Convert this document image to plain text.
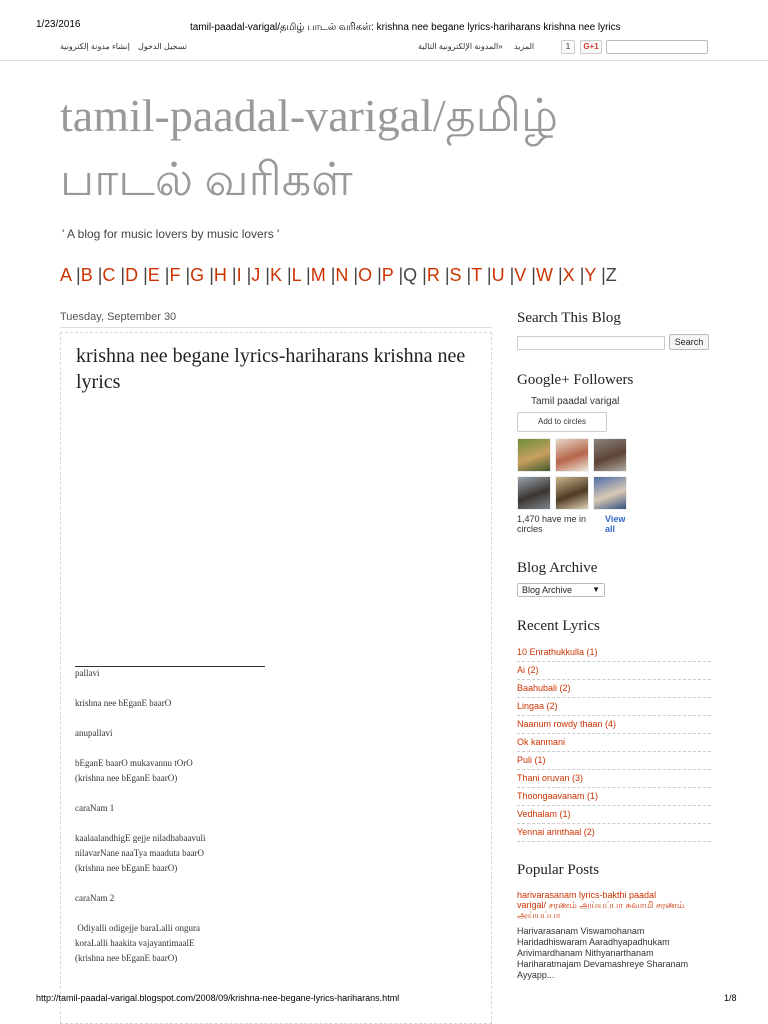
1/23/2016	tamil-paadal-varigal/தமிழ் பாடல் வரிகள்: krishna nee begane lyrics-hariharans krishna nee lyrics
تسجيل الدخول إنشاء مدونة إلكترونية	المدونة الإلكترونية التالية» المزيد	1	G+1
tamil-paadal-varigal/தமிழ் பாடல் வரிகள்
' A blog for music lovers by music lovers '
A |B |C |D |E |F |G |H |I |J |K |L |M |N |O |P |Q |R |S |T |U |V |W |X |Y |Z
Tuesday, September 30
krishna nee begane lyrics-hariharans krishna nee lyrics
pallavi
krishna nee bEganE baarO
anupallavi
bEganE baarO mukavannu tOrO
(krishna nee bEganE baarO)
caraNam 1
kaalaalandhigE gejje niladhabaavuli
nilavarNane naaTya maaduta baarO
(krishna nee bEganE baarO)
caraNam 2
Odiyalli odigejje baraLalli ongura
koraLalli haakita vajayantimaalE
(krishna nee bEganE baarO)
Search This Blog
Search
Google+ Followers
Tamil paadal varigal
Add to circles
1,470 have me in circles
View all
Blog Archive
Blog Archive	▼
Recent Lyrics
10 Enrathukkulla (1)
Ai (2)
Baahubali (2)
Lingaa (2)
Naanum rowdy thaan (4)
Ok kanmani
Puli (1)
Thani oruvan (3)
Thoongaavanam (1)
Vedhalam (1)
Yennai arinthaal (2)
Popular Posts
harivarasanam lyrics-bakthi paadal varigal/ சரணம் அய்யப்பா சுவாமி சரணம் அய்யப்பா
Harivarasanam Viswamohanam Haridadhiswaram Aaradhyapadhukam Arivimardhanam Nithyanarthanam Hariharatmajam Devamashreye Sharanam Ayyapp...
http://tamil-paadal-varigal.blogspot.com/2008/09/krishna-nee-begane-lyrics-hariharans.html	1/8
